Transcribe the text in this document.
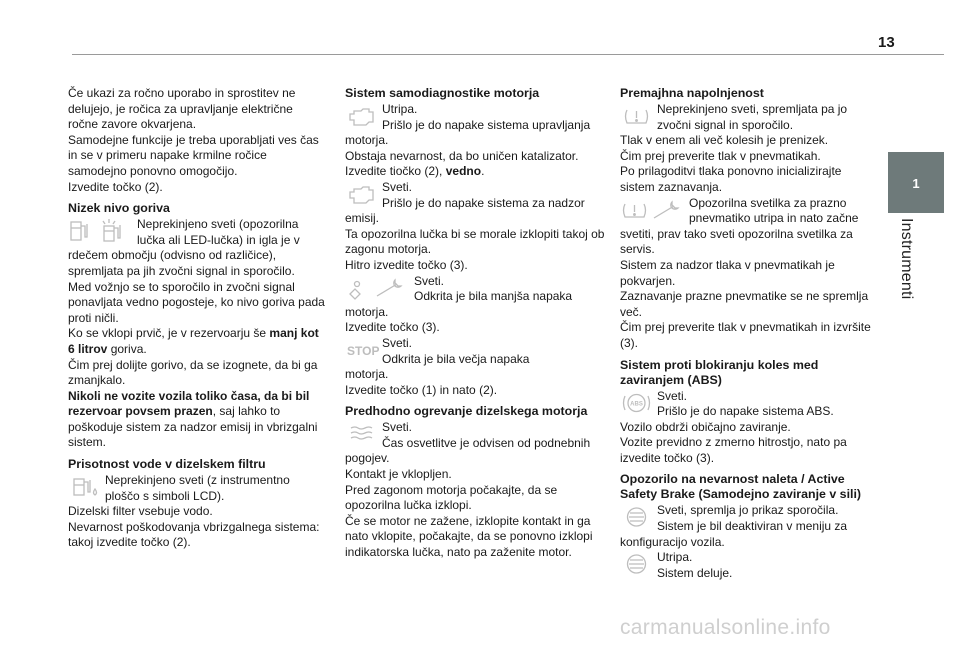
13
1
Instrumenti

Če ukazi za ročno uporabo in sprostitev ne delujejo, je ročica za upravljanje električne ročne zavore okvarjena.

Samodejne funkcije je treba uporabljati ves čas in se v primeru napake krmilne ročice samodejno ponovno omogočijo.

Izvedite točko (2).

Nizek nivo goriva

Neprekinjeno sveti (opozorilna lučka ali LED-lučka) in igla je v

rdečem območju (odvisno od različice), spremljata pa jih zvočni signal in sporočilo.

Med vožnjo se to sporočilo in zvočni signal ponavljata vedno pogosteje, ko nivo goriva pada proti ničli.

Ko se vklopi prvič, je v rezervoarju še manj kot 6 litrov goriva.

Čim prej dolijte gorivo, da se izognete, da bi ga zmanjkalo.

Nikoli ne vozite vozila toliko časa, da bi bil rezervoar povsem prazen, saj lahko to poškoduje sistem za nadzor emisij in vbrizgalni sistem.

Prisotnost vode v dizelskem filtru

Neprekinjeno sveti (z instrumentno ploščo s simboli LCD).

Dizelski filter vsebuje vodo.

Nevarnost poškodovanja vbrizgalnega sistema: takoj izvedite točko (2).

Sistem samodiagnostike motorja

Utripa.

Prišlo je do napake sistema upravljanja

motorja.

Obstaja nevarnost, da bo uničen katalizator.

Izvedite tiočko (2), vedno.

Sveti.

Prišlo je do napake sistema za nadzor

emisij.

Ta opozorilna lučka bi se morale izklopiti takoj ob zagonu motorja.

Hitro izvedite točko (3).

Sveti.

Odkrita je bila manjša napaka

motorja.

Izvedite točko (3).

STOP

Sveti.

Odkrita je bila večja napaka

motorja.

Izvedite točko (1) in nato (2).

Predhodno ogrevanje dizelskega motorja

Sveti.

Čas osvetlitve je odvisen od podnebnih

pogojev.

Kontakt je vklopljen.

Pred zagonom motorja počakajte, da se opozorilna lučka izklopi.

Če se motor ne zažene, izklopite kontakt in ga nato vklopite, počakajte, da se ponovno izklopi indikatorska lučka, nato pa zaženite motor.

Premajhna napolnjenost

Neprekinjeno sveti, spremljata pa jo zvočni signal in sporočilo.

Tlak v enem ali več kolesih je prenizek.

Čim prej preverite tlak v pnevmatikah.

Po prilagoditvi tlaka ponovno inicializirajte sistem zaznavanja.

Opozorilna svetilka za prazno pnevmatiko utripa in nato začne

svetiti, prav tako sveti opozorilna svetilka za servis.

Sistem za nadzor tlaka v pnevmatikah je pokvarjen.

Zaznavanje prazne pnevmatike se ne spremlja več.

Čim prej preverite tlak v pnevmatikah in izvršite (3).

Sistem proti blokiranju koles med zaviranjem (ABS)
ABS

Sveti.

Prišlo je do napake sistema ABS.

Vozilo obdrži običajno zaviranje.

Vozite previdno z zmerno hitrostjo, nato pa izvedite točko (3).

Opozorilo na nevarnost naleta / Active Safety Brake (Samodejno zaviranje v sili)

Sveti, spremlja jo prikaz sporočila.

Sistem je bil deaktiviran v meniju za

konfiguracijo vozila.

Utripa.

Sistem deluje.

carmanualsonline.info
